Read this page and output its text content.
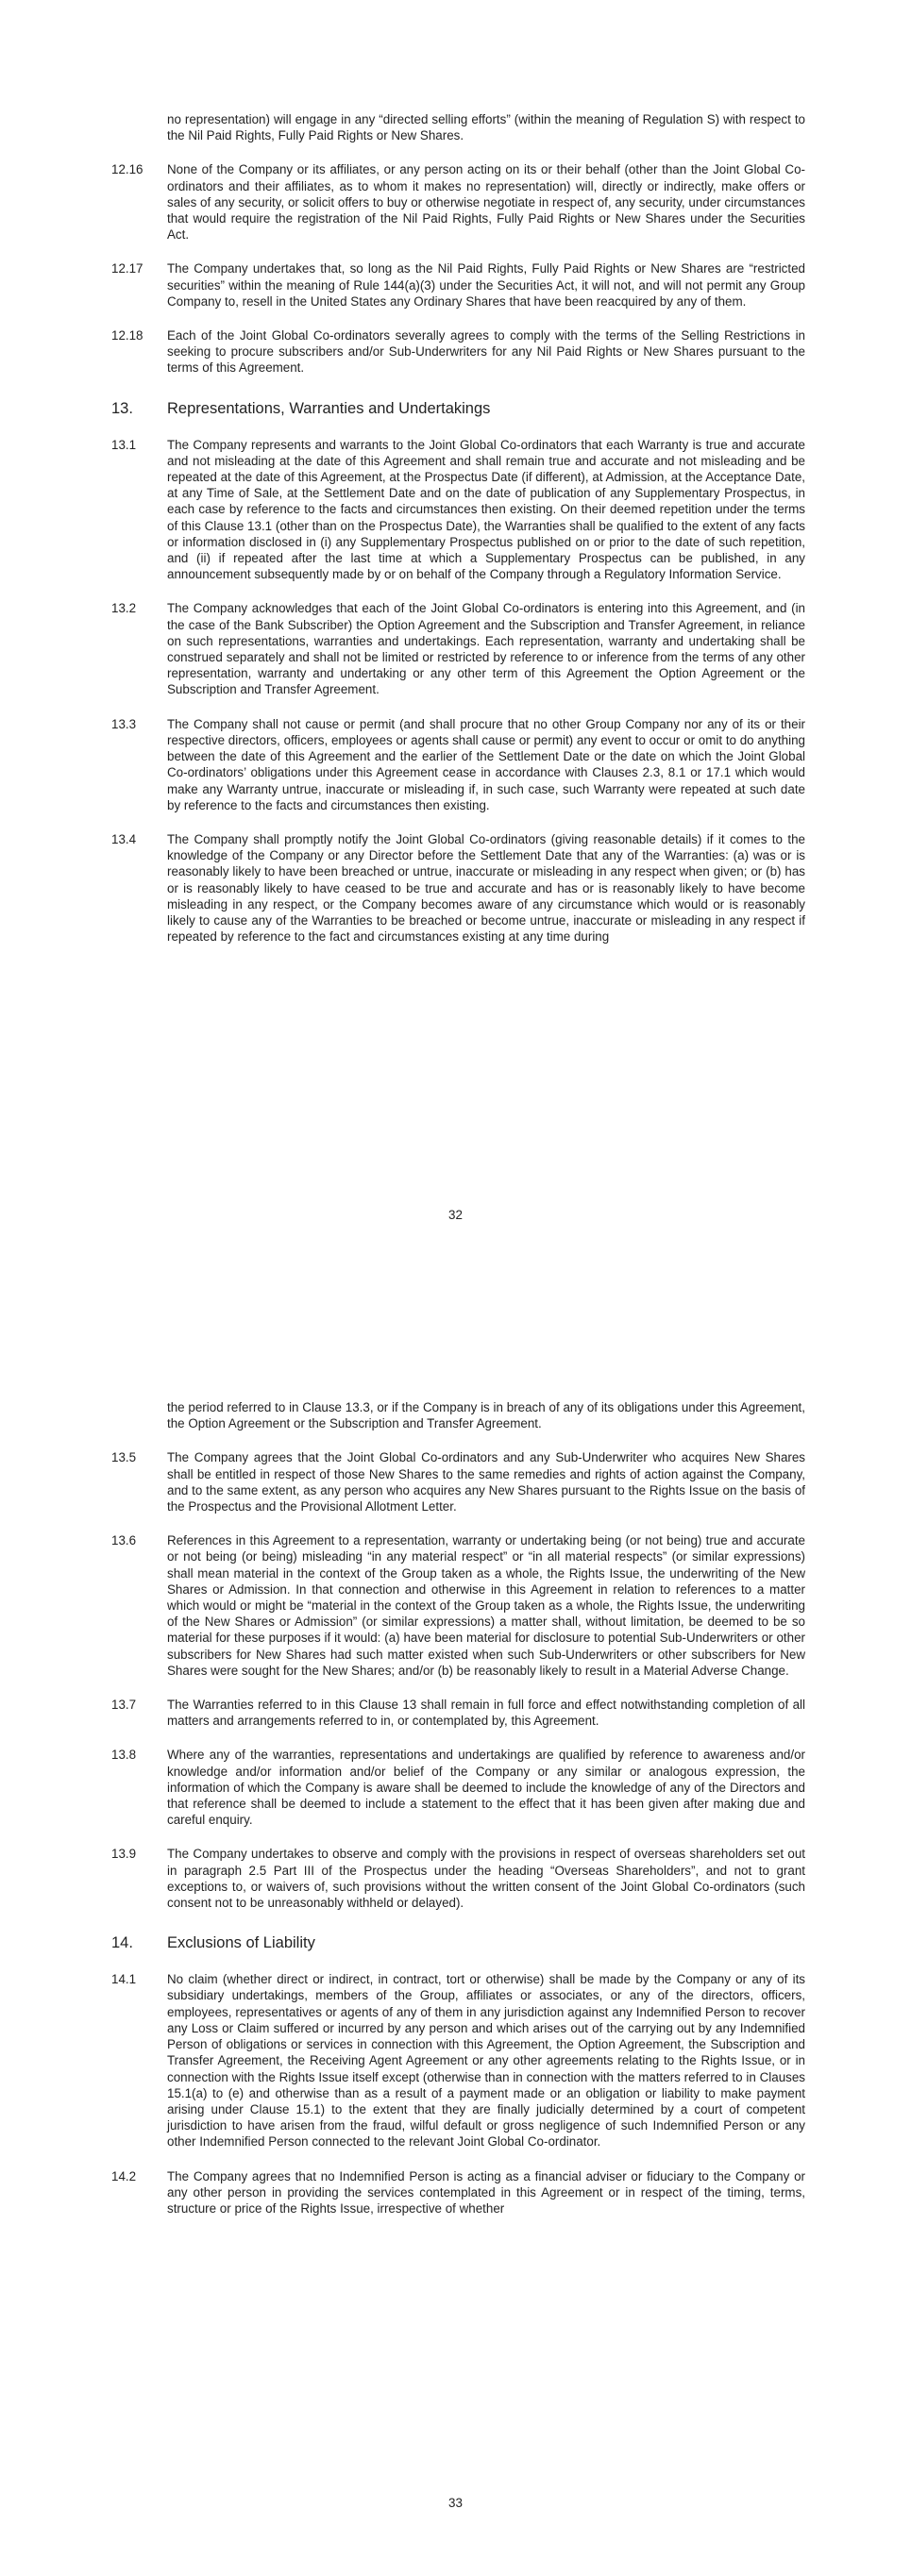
no representation) will engage in any “directed selling efforts” (within the meaning of Regulation S) with respect to the Nil Paid Rights, Fully Paid Rights or New Shares.
12.16	None of the Company or its affiliates, or any person acting on its or their behalf (other than the Joint Global Co-ordinators and their affiliates, as to whom it makes no representation) will, directly or indirectly, make offers or sales of any security, or solicit offers to buy or otherwise negotiate in respect of, any security, under circumstances that would require the registration of the Nil Paid Rights, Fully Paid Rights or New Shares under the Securities Act.
12.17	The Company undertakes that, so long as the Nil Paid Rights, Fully Paid Rights or New Shares are “restricted securities” within the meaning of Rule 144(a)(3) under the Securities Act, it will not, and will not permit any Group Company to, resell in the United States any Ordinary Shares that have been reacquired by any of them.
12.18	Each of the Joint Global Co-ordinators severally agrees to comply with the terms of the Selling Restrictions in seeking to procure subscribers and/or Sub-Underwriters for any Nil Paid Rights or New Shares pursuant to the terms of this Agreement.
13. Representations, Warranties and Undertakings
13.1	The Company represents and warrants to the Joint Global Co-ordinators that each Warranty is true and accurate and not misleading at the date of this Agreement and shall remain true and accurate and not misleading and be repeated at the date of this Agreement, at the Prospectus Date (if different), at Admission, at the Acceptance Date, at any Time of Sale, at the Settlement Date and on the date of publication of any Supplementary Prospectus, in each case by reference to the facts and circumstances then existing. On their deemed repetition under the terms of this Clause 13.1 (other than on the Prospectus Date), the Warranties shall be qualified to the extent of any facts or information disclosed in (i) any Supplementary Prospectus published on or prior to the date of such repetition, and (ii) if repeated after the last time at which a Supplementary Prospectus can be published, in any announcement subsequently made by or on behalf of the Company through a Regulatory Information Service.
13.2	The Company acknowledges that each of the Joint Global Co-ordinators is entering into this Agreement, and (in the case of the Bank Subscriber) the Option Agreement and the Subscription and Transfer Agreement, in reliance on such representations, warranties and undertakings. Each representation, warranty and undertaking shall be construed separately and shall not be limited or restricted by reference to or inference from the terms of any other representation, warranty and undertaking or any other term of this Agreement the Option Agreement or the Subscription and Transfer Agreement.
13.3	The Company shall not cause or permit (and shall procure that no other Group Company nor any of its or their respective directors, officers, employees or agents shall cause or permit) any event to occur or omit to do anything between the date of this Agreement and the earlier of the Settlement Date or the date on which the Joint Global Co-ordinators’ obligations under this Agreement cease in accordance with Clauses 2.3, 8.1 or 17.1 which would make any Warranty untrue, inaccurate or misleading if, in such case, such Warranty were repeated at such date by reference to the facts and circumstances then existing.
13.4	The Company shall promptly notify the Joint Global Co-ordinators (giving reasonable details) if it comes to the knowledge of the Company or any Director before the Settlement Date that any of the Warranties: (a) was or is reasonably likely to have been breached or untrue, inaccurate or misleading in any respect when given; or (b) has or is reasonably likely to have ceased to be true and accurate and has or is reasonably likely to have become misleading in any respect, or the Company becomes aware of any circumstance which would or is reasonably likely to cause any of the Warranties to be breached or become untrue, inaccurate or misleading in any respect if repeated by reference to the fact and circumstances existing at any time during
32
the period referred to in Clause 13.3, or if the Company is in breach of any of its obligations under this Agreement, the Option Agreement or the Subscription and Transfer Agreement.
13.5	The Company agrees that the Joint Global Co-ordinators and any Sub-Underwriter who acquires New Shares shall be entitled in respect of those New Shares to the same remedies and rights of action against the Company, and to the same extent, as any person who acquires any New Shares pursuant to the Rights Issue on the basis of the Prospectus and the Provisional Allotment Letter.
13.6	References in this Agreement to a representation, warranty or undertaking being (or not being) true and accurate or not being (or being) misleading “in any material respect” or “in all material respects” (or similar expressions) shall mean material in the context of the Group taken as a whole, the Rights Issue, the underwriting of the New Shares or Admission. In that connection and otherwise in this Agreement in relation to references to a matter which would or might be “material in the context of the Group taken as a whole, the Rights Issue, the underwriting of the New Shares or Admission” (or similar expressions) a matter shall, without limitation, be deemed to be so material for these purposes if it would: (a) have been material for disclosure to potential Sub-Underwriters or other subscribers for New Shares had such matter existed when such Sub-Underwriters or other subscribers for New Shares were sought for the New Shares; and/or (b) be reasonably likely to result in a Material Adverse Change.
13.7	The Warranties referred to in this Clause 13 shall remain in full force and effect notwithstanding completion of all matters and arrangements referred to in, or contemplated by, this Agreement.
13.8	Where any of the warranties, representations and undertakings are qualified by reference to awareness and/or knowledge and/or information and/or belief of the Company or any similar or analogous expression, the information of which the Company is aware shall be deemed to include the knowledge of any of the Directors and that reference shall be deemed to include a statement to the effect that it has been given after making due and careful enquiry.
13.9	The Company undertakes to observe and comply with the provisions in respect of overseas shareholders set out in paragraph 2.5 Part III of the Prospectus under the heading “Overseas Shareholders”, and not to grant exceptions to, or waivers of, such provisions without the written consent of the Joint Global Co-ordinators (such consent not to be unreasonably withheld or delayed).
14. Exclusions of Liability
14.1	No claim (whether direct or indirect, in contract, tort or otherwise) shall be made by the Company or any of its subsidiary undertakings, members of the Group, affiliates or associates, or any of the directors, officers, employees, representatives or agents of any of them in any jurisdiction against any Indemnified Person to recover any Loss or Claim suffered or incurred by any person and which arises out of the carrying out by any Indemnified Person of obligations or services in connection with this Agreement, the Option Agreement, the Subscription and Transfer Agreement, the Receiving Agent Agreement or any other agreements relating to the Rights Issue, or in connection with the Rights Issue itself except (otherwise than in connection with the matters referred to in Clauses 15.1(a) to (e) and otherwise than as a result of a payment made or an obligation or liability to make payment arising under Clause 15.1) to the extent that they are finally judicially determined by a court of competent jurisdiction to have arisen from the fraud, wilful default or gross negligence of such Indemnified Person or any other Indemnified Person connected to the relevant Joint Global Co-ordinator.
14.2	The Company agrees that no Indemnified Person is acting as a financial adviser or fiduciary to the Company or any other person in providing the services contemplated in this Agreement or in respect of the timing, terms, structure or price of the Rights Issue, irrespective of whether
33
